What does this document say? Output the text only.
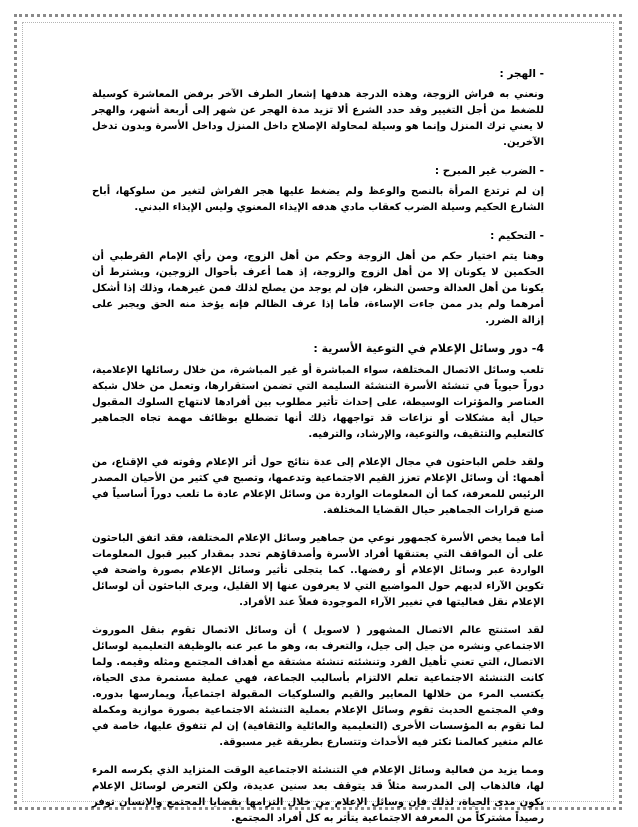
- الهجر :

ونعني به فراش الزوجة، وهذه الدرجة هدفها إشعار الطرف الآخر برفض المعاشرة كوسيلة للضغط من أجل التغيير وقد حدد الشرع ألا تزيد مدة الهجر عن شهر إلى أربعة أشهر، والهجر لا يعني ترك المنزل وإنما هو وسيلة لمحاولة الإصلاح داخل المنزل وداخل الأسرة وبدون تدخل الآخرين.

- الضرب غير المبرح :

إن لم ترتدع المرأة بالنصح والوعظ ولم يضغط عليها هجر الفراش لتغير من سلوكها، أباح الشارع الحكيم وسيلة الضرب كعقاب مادي هدفه الإيذاء المعنوي وليس الإيذاء البدني.

- التحكيم :

وهنا يتم اختيار حكم من أهل الزوجة وحكم من أهل الزوج، ومن رأي الإمام القرطبي أن الحكمين لا يكونان إلا من أهل الزوج والزوجة، إذ هما أعرف بأحوال الزوجين، ويشترط أن يكونا من أهل العدالة وحسن النظر، فإن لم يوجد من يصلح لذلك فمن غيرهما، وذلك إذا أشكل أمرهما ولم يدر ممن جاءت الإساءة، فأما إذا عرف الظالم فإنه يؤخذ منه الحق ويجبر على إزالة الضرر.

4- دور وسائل الإعلام في التوعية الأسرية :

تلعب وسائل الاتصال المختلفة، سواء المباشرة أو غير المباشرة، من خلال رسائلها الإعلامية، دوراً حيوياً في تنشئة الأسرة التنشئة السليمة التي تضمن استقرارها، وتعمل من خلال شبكة العناصر والمؤثرات الوسيطة، على إحداث تأثير مطلوب بين أفرادها لانتهاج السلوك المقبول حيال أية مشكلات أو نزاعات قد تواجهها، ذلك أنها تضطلع بوظائف مهمة تجاه الجماهير كالتعليم والتثقيف، والتوعية، والإرشاد، والترفيه.

ولقد خلص الباحثون في مجال الإعلام إلى عدة نتائج حول أثر الإعلام وقوته في الإقناع، من أهمها: أن وسائل الإعلام تعزز القيم الاجتماعية وتدعمها، وتصبح في كثير من الأحيان المصدر الرئيس للمعرفة، كما أن المعلومات الواردة من وسائل الإعلام عادة ما تلعب دوراً أساسياً في صنع قرارات الجماهير حيال القضايا المختلفة.

أما فيما يخص الأسرة كجمهور نوعي من جماهير وسائل الإعلام المختلفة، فقد اتفق الباحثون على أن المواقف التي يعتنقها أفراد الأسرة وأصدقاؤهم تحدد بمقدار كبير قبول المعلومات الواردة عبر وسائل الإعلام أو رفضها.. كما يتجلى تأثير وسائل الإعلام بصورة واضحة في تكوين الآراء لديهم حول المواضيع التي لا يعرفون عنها إلا القليل، ويرى الباحثون أن لوسائل الإعلام نقل فعاليتها في تغيير الآراء الموجودة فعلاً عند الأفراد.

لقد استنتج عالم الاتصال المشهور ( لاسويل ) أن وسائل الاتصال تقوم بنقل الموروث الاجتماعي ونشره من جيل إلى جيل، والتعرف به، وهو ما عبر عنه بالوظيفة التعليمية لوسائل الاتصال، التي تعني تأهيل الفرد وتنشئته تنشئة مشتقة مع أهداف المجتمع ومثله وقيمه. ولما كانت التنشئة الاجتماعية تعلم الالتزام بأساليب الجماعة، فهي عملية مستمرة مدى الحياة، يكتسب المرء من خلالها المعايير والقيم والسلوكيات المقبولة اجتماعياً، ويمارسها بدوره. وفي المجتمع الحديث تقوم وسائل الإعلام بعملية التنشئة الاجتماعية بصورة موازية ومكملة لما تقوم به المؤسسات الأخرى (التعليمية والعائلية والثقافية) إن لم تتفوق عليها، خاصة في عالم متغير كعالمنا تكثر فيه الأحداث وتتسارع بطريقة غير مسبوقة.

ومما يزيد من فعالية وسائل الإعلام في التنشئة الاجتماعية الوقت المتزايد الذي يكرسه المرء لها، فالذهاب إلى المدرسة مثلاً قد يتوقف بعد سنين عديدة، ولكن التعرض لوسائل الإعلام يكون مدى الحياة، لذلك فإن وسائل الإعلام من خلال التزامها بقضايا المجتمع والإنسان توفر رصيداً مشتركاً من المعرفة الاجتماعية يتأثر به كل أفراد المجتمع.
